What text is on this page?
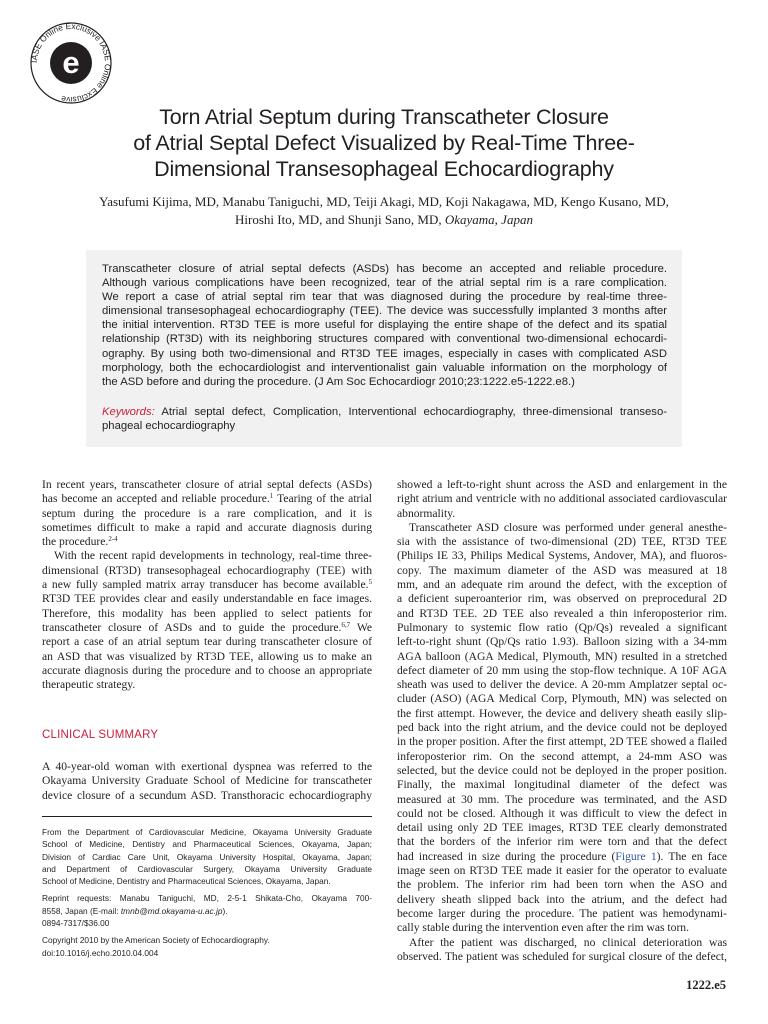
IASE Online Exclusive IASE Online Exclusive
e
Torn Atrial Septum during Transcatheter Closure
of Atrial Septal Defect Visualized by Real-Time Three-
Dimensional Transesophageal Echocardiography
Yasufumi Kijima, MD, Manabu Taniguchi, MD, Teiji Akagi, MD, Koji Nakagawa, MD, Kengo Kusano, MD,
Hiroshi Ito, MD, and Shunji Sano, MD, Okayama, Japan
Transcatheter closure of atrial septal defects (ASDs) has become an accepted and reliable procedure.
Although various complications have been recognized, tear of the atrial septal rim is a rare complication.
We report a case of atrial septal rim tear that was diagnosed during the procedure by real-time three-
dimensional transesophageal echocardiography (TEE). The device was successfully implanted 3 months after
the initial intervention. RT3D TEE is more useful for displaying the entire shape of the defect and its spatial
relationship (RT3D) with its neighboring structures compared with conventional two-dimensional echocardi-
ography. By using both two-dimensional and RT3D TEE images, especially in cases with complicated ASD
morphology, both the echocardiologist and interventionalist gain valuable information on the morphology of
the ASD before and during the procedure. (J Am Soc Echocardiogr 2010;23:1222.e5-1222.e8.)
Keywords: Atrial septal defect, Complication, Interventional echocardiography, three-dimensional transeso-
phageal echocardiography
In recent years, transcatheter closure of atrial septal defects (ASDs)
has become an accepted and reliable procedure.$^1$ Tearing of the atrial
septum during the procedure is a rare complication, and it is
sometimes difficult to make a rapid and accurate diagnosis during
the procedure.$^{2-4}$
With the recent rapid developments in technology, real-time three-
dimensional (RT3D) transesophageal echocardiography (TEE) with
a new fully sampled matrix array transducer has become available.$^5$
RT3D TEE provides clear and easily understandable en face images.
Therefore, this modality has been applied to select patients for
transcatheter closure of ASDs and to guide the procedure.$^{6,7}$ We
report a case of an atrial septum tear during transcatheter closure of
an ASD that was visualized by RT3D TEE, allowing us to make an
accurate diagnosis during the procedure and to choose an appropriate
therapeutic strategy.
CLINICAL SUMMARY
A 40-year-old woman with exertional dyspnea was referred to the
Okayama University Graduate School of Medicine for transcatheter
device closure of a secundum ASD. Transthoracic echocardiography
From the Department of Cardiovascular Medicine, Okayama University Graduate
School of Medicine, Dentistry and Pharmaceutical Sciences, Okayama, Japan;
Division of Cardiac Care Unit, Okayama University Hospital, Okayama, Japan;
and Department of Cardiovascular Surgery, Okayama University Graduate
School of Medicine, Dentistry and Pharmaceutical Sciences, Okayama, Japan.
Reprint requests: Manabu Taniguchi, MD, 2-5-1 Shikata-Cho, Okayama 700-
8558, Japan (E-mail: tmnb@md.okayama-u.ac.jp).
0894-7317/$36.00
Copyright 2010 by the American Society of Echocardiography.
doi:10.1016/j.echo.2010.04.004
showed a left-to-right shunt across the ASD and enlargement in the
right atrium and ventricle with no additional associated cardiovascular
abnormality.
Transcatheter ASD closure was performed under general anesthe-
sia with the assistance of two-dimensional (2D) TEE, RT3D TEE
(Philips IE 33, Philips Medical Systems, Andover, MA), and fluoros-
copy. The maximum diameter of the ASD was measured at 18
mm, and an adequate rim around the defect, with the exception of
a deficient superoanterior rim, was observed on preprocedural 2D
and RT3D TEE. 2D TEE also revealed a thin inferoposterior rim.
Pulmonary to systemic flow ratio (Qp/Qs) revealed a significant
left-to-right shunt (Qp/Qs ratio 1.93). Balloon sizing with a 34-mm
AGA balloon (AGA Medical, Plymouth, MN) resulted in a stretched
defect diameter of 20 mm using the stop-flow technique. A 10F AGA
sheath was used to deliver the device. A 20-mm Amplatzer septal oc-
cluder (ASO) (AGA Medical Corp, Plymouth, MN) was selected on
the first attempt. However, the device and delivery sheath easily slip-
ped back into the right atrium, and the device could not be deployed
in the proper position. After the first attempt, 2D TEE showed a flailed
inferoposterior rim. On the second attempt, a 24-mm ASO was
selected, but the device could not be deployed in the proper position.
Finally, the maximal longitudinal diameter of the defect was
measured at 30 mm. The procedure was terminated, and the ASD
could not be closed. Although it was difficult to view the defect in
detail using only 2D TEE images, RT3D TEE clearly demonstrated
that the borders of the inferior rim were torn and that the defect
had increased in size during the procedure (Figure 1). The en face
image seen on RT3D TEE made it easier for the operator to evaluate
the problem. The inferior rim had been torn when the ASO and
delivery sheath slipped back into the atrium, and the defect had
become larger during the procedure. The patient was hemodynami-
cally stable during the intervention even after the rim was torn.
After the patient was discharged, no clinical deterioration was
observed. The patient was scheduled for surgical closure of the defect,
1222.e5
